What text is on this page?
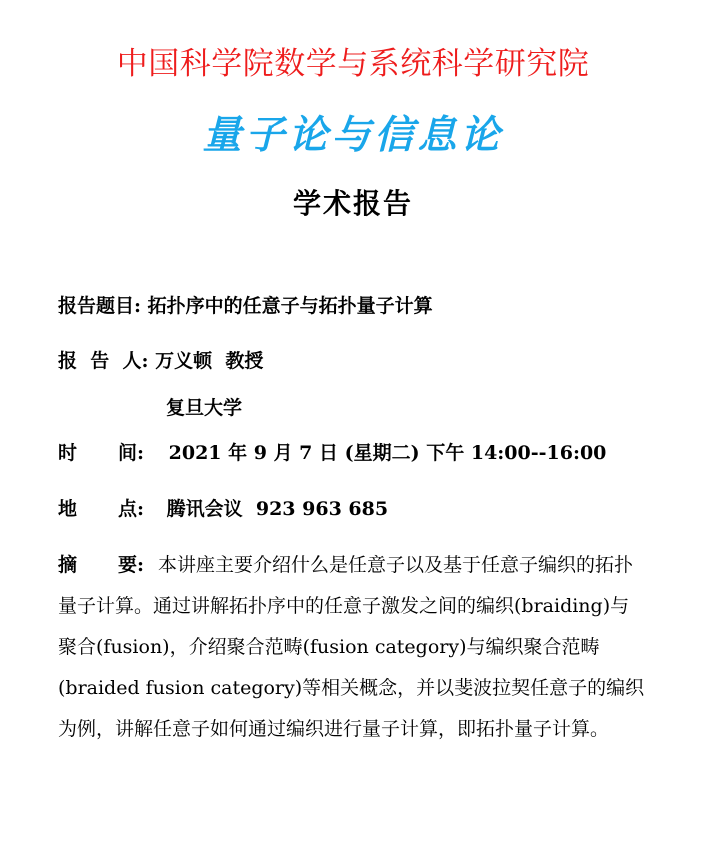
中国科学院数学与系统科学研究院
量子论与信息论
学术报告
报告题目: 拓扑序中的任意子与拓扑量子计算
报  告  人: 万义顿  教授
复旦大学
时 间: 2021 年 9 月 7 日 (星期二) 下午 14:00--16:00
地 点: 腾讯会议  923 963 685
摘 要: 本讲座主要介绍什么是任意子以及基于任意子编织的拓扑量子计算。通过讲解拓扑序中的任意子激发之间的编织(braiding)与聚合(fusion)，介绍聚合范畴(fusion category)与编织聚合范畴(braided fusion category)等相关概念，并以斐波拉契任意子的编织为例，讲解任意子如何通过编织进行量子计算，即拓扑量子计算。
